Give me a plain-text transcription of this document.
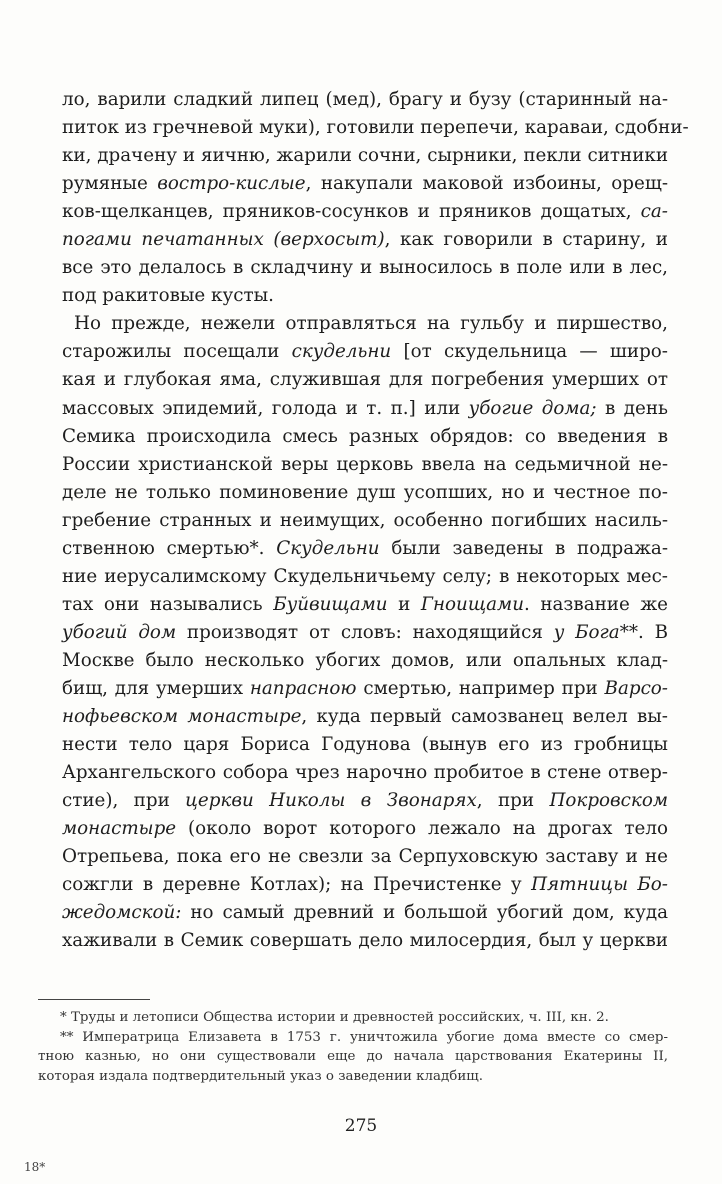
ло, варили сладкий липец (мед), брагу и бузу (старинный на-
питок из гречневой муки), готовили перепечи, караваи, сдобни-
ки, драчену и яичню, жарили сочни, сырники, пекли ситники
румяные востро-кислые, накупали маковой избоины, орещ-
ков-щелканцев, пряников-сосунков и пряников дощатых, са-
погами печатанных (верхосыт), как говорили в старину, и
все это делалось в складчину и выносилось в поле или в лес,
под ракитовые кусты.
Но прежде, нежели отправляться на гульбу и пиршество,
старожилы посещали скудельни [от скудельница — широ-
кая и глубокая яма, служившая для погребения умерших от
массовых эпидемий, голода и т. п.] или убогие дома; в день
Семика происходила смесь разных обрядов: со введения в
России христианской веры церковь ввела на седьмичной не-
деле не только поминовение душ усопших, но и честное по-
гребение странных и неимущих, особенно погибших насиль-
ственною смертью*. Скудельни были заведены в подража-
ние иерусалимскому Скудельничьему селу; в некоторых мес-
тах они назывались Буйвищами и Гноищами. название же
убогий дом производят от словъ: находящийся у Бога**. В
Москве было несколько убогих домов, или опальных клад-
бищ, для умерших напрасною смертью, например при Варсо-
нофьевском монастыре, куда первый самозванец велел вы-
нести тело царя Бориса Годунова (вынув его из гробницы
Архангельского собора чрез нарочно пробитое в стене отвер-
стие), при церкви Николы в Звонарях, при Покровском
монастыре (около ворот которого лежало на дрогах тело
Отрепьева, пока его не свезли за Серпуховскую заставу и не
сожгли в деревне Котлах); на Пречистенке у Пятницы Бо-
жедомской: но самый древний и большой убогий дом, куда
хаживали в Семик совершать дело милосердия, был у церкви
* Труды и летописи Общества истории и древностей российских, ч. III, кн. 2.
** Императрица Елизавета в 1753 г. уничтожила убогие дома вместе со смер-
тною казнью, но они существовали еще до начала царствования Екатерины II,
которая издала подтвердительный указ о заведении кладбищ.
275
18*
